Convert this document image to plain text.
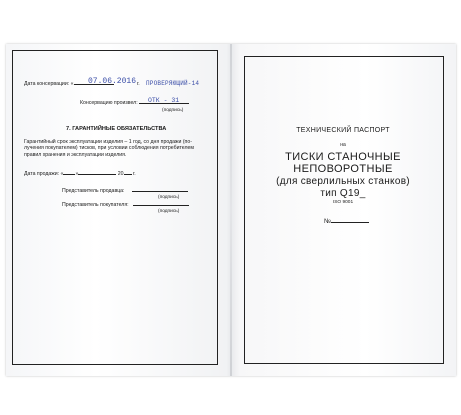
Дата консервации: «	07.06.2016 г. ПРОВЕРЯЮЩИЙ-14
Консервацию произвел:	ОТК - 31
(подпись)
7. ГАРАНТИЙНЫЕ ОБЯЗАТЕЛЬСТВА
Гарантийный срок эксплуатации изделия – 1 год, со дня продажи (по-лучения покупателем) тисков, при условии соблюдения потребителем правил хранения и эксплуатации изделия.
Дата продажи: « »	20 г.
Представитель продавца:
(подпись)
Представитель покупателя:
(подпись)
ТЕХНИЧЕСКИЙ ПАСПОРТ
на
ТИСКИ СТАНОЧНЫЕ
НЕПОВОРОТНЫЕ
(для сверлильных станков)
тип Q19_
ISO 9001
№
